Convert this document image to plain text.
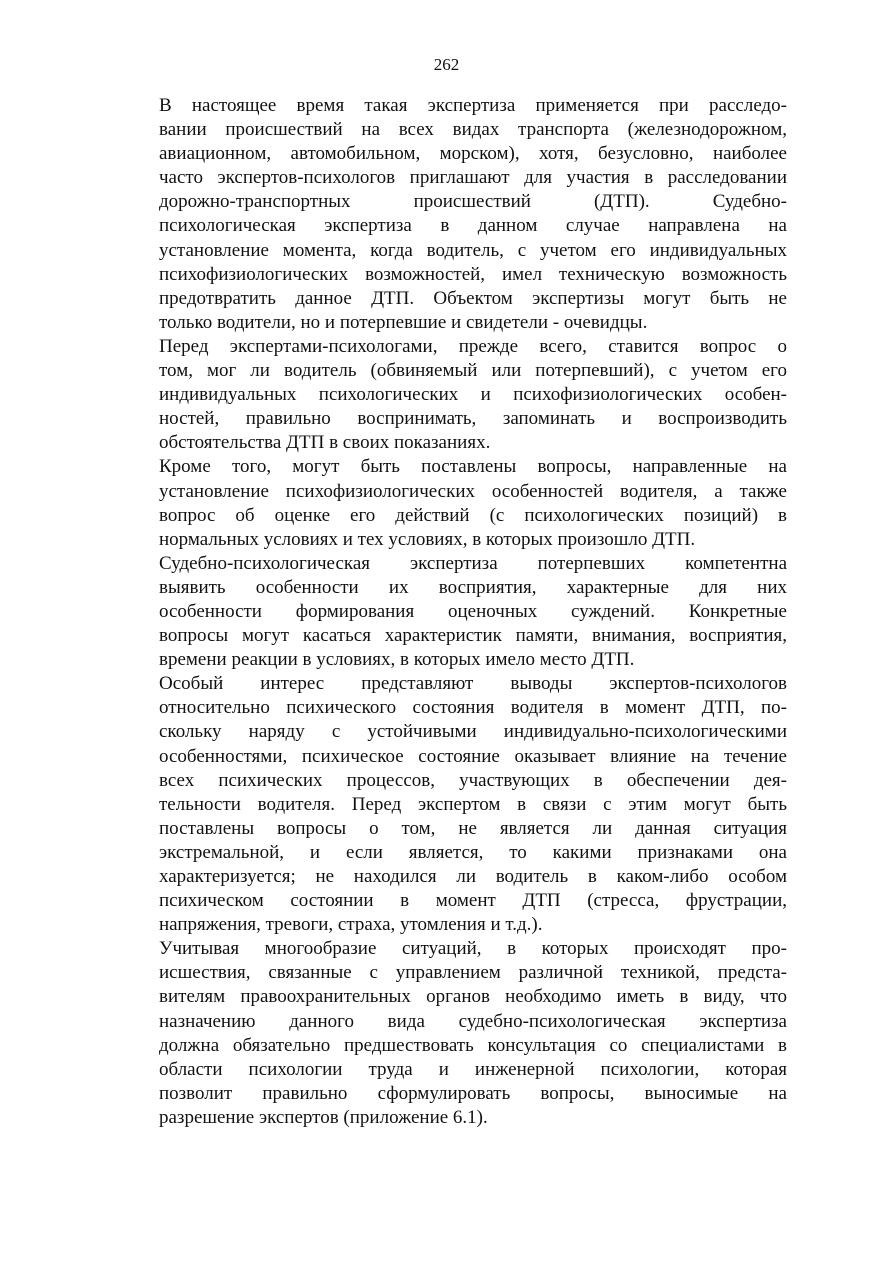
262

В настоящее время такая экспертиза применяется при расследо-
вании происшествий на всех видах транспорта (железнодорожном,
авиационном, автомобильном, морском), хотя, безусловно, наиболее
часто экспертов-психологов приглашают для участия в расследовании
дорожно-транспортных происшествий (ДТП). Судебно-
психологическая экспертиза в данном случае направлена на
установление момента, когда водитель, с учетом его индивидуальных
психофизиологических возможностей, имел техническую возможность
предотвратить данное ДТП. Объектом экспертизы могут быть не
только водители, но и потерпевшие и свидетели - очевидцы.

Перед экспертами-психологами, прежде всего, ставится вопрос о
том, мог ли водитель (обвиняемый или потерпевший), с учетом его
индивидуальных психологических и психофизиологических особен-
ностей, правильно воспринимать, запоминать и воспроизводить
обстоятельства ДТП в своих показаниях.

Кроме того, могут быть поставлены вопросы, направленные на
установление психофизиологических особенностей водителя, а также
вопрос об оценке его действий (с психологических позиций) в
нормальных условиях и тех условиях, в которых произошло ДТП.

Судебно-психологическая экспертиза потерпевших компетентна
выявить особенности их восприятия, характерные для них
особенности формирования оценочных суждений. Конкретные
вопросы могут касаться характеристик памяти, внимания, восприятия,
времени реакции в условиях, в которых имело место ДТП.

Особый интерес представляют выводы экспертов-психологов
относительно психического состояния водителя в момент ДТП, по-
скольку наряду с устойчивыми индивидуально-психологическими
особенностями, психическое состояние оказывает влияние на течение
всех психических процессов, участвующих в обеспечении дея-
тельности водителя. Перед экспертом в связи с этим могут быть
поставлены вопросы о том, не является ли данная ситуация
экстремальной, и если является, то какими признаками она
характеризуется; не находился ли водитель в каком-либо особом
психическом состоянии в момент ДТП (стресса, фрустрации,
напряжения, тревоги, страха, утомления и т.д.).

Учитывая многообразие ситуаций, в которых происходят про-
исшествия, связанные с управлением различной техникой, предста-
вителям правоохранительных органов необходимо иметь в виду, что
назначению данного вида судебно-психологическая экспертиза
должна обязательно предшествовать консультация со специалистами в
области психологии труда и инженерной психологии, которая
позволит правильно сформулировать вопросы, выносимые на
разрешение экспертов (приложение 6.1).
